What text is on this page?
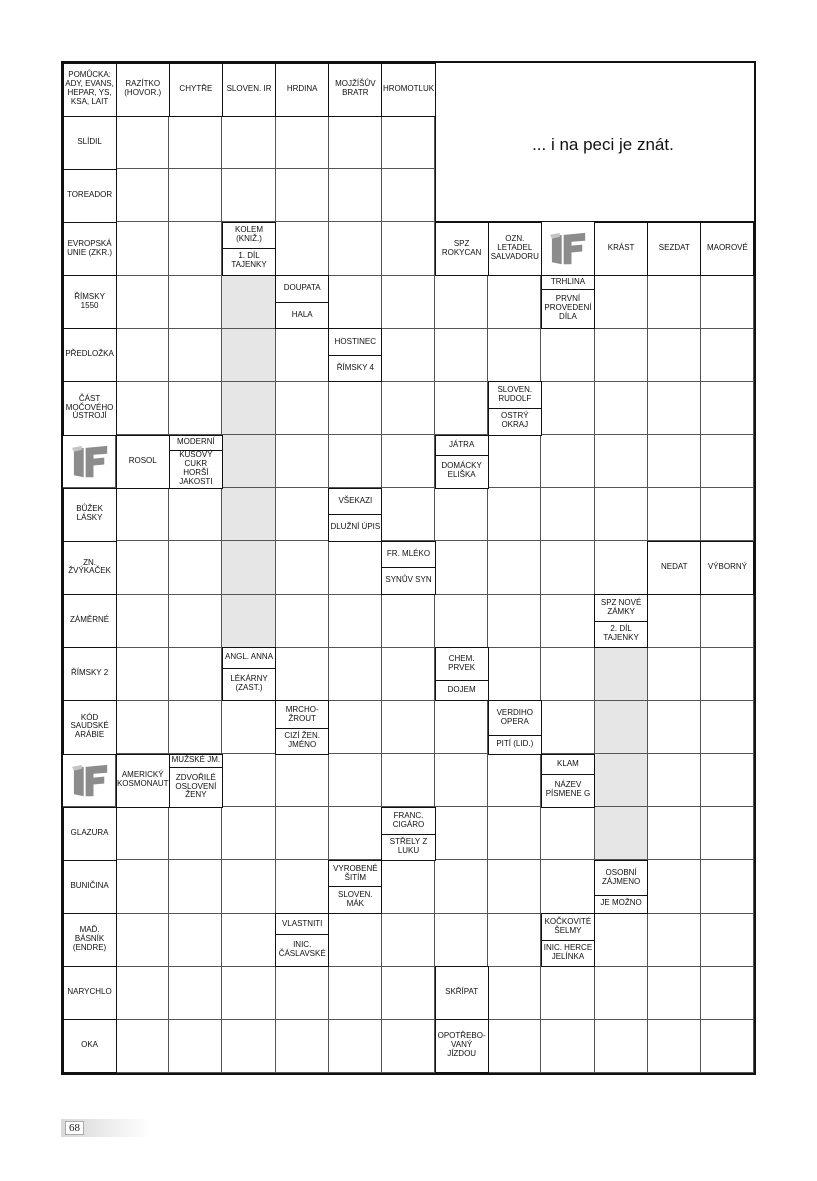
POMŮCKA: ADY, EVANS, HEPAR, YS, KSA, LAIT
RAZÍTKO (HOVOR.)	CHYTŘE	SLOVEN. IR	HRDINA	MOJŽÍŠŮV BRATR	HROMOTLUK
SLÍDIL
TOREADOR
EVROPSKÁ UNIE (ZKR.)
KOLEM (KNIŽ.)
1. DÍL TAJENKY
SPZ ROKYCAN
OZN. LETADEL SALVADORU
KRÁST	SEZDAT	MAOROVÉ
ŘÍMSKY 1550
DOUPATA
HALA
TRHLINA
PRVNÍ PROVEDENÍ DÍLA
PŘEDLOŽKA
HOSTINEC
ŘÍMSKY 4
ČÁST MOČOVÉHO ÚSTROJÍ
SLOVEN. RUDOLF
OSTRÝ OKRAJ
ROSOL
MODERNÍ
KUSOVÝ CUKR HORŠÍ JAKOSTI
JÁTRA
DOMÁCKY ELIŠKA
BŮŽEK LÁSKY
VŠEKAZI
DLUŽNÍ ÚPIS
ZN. ŽVÝKAČEK
FR. MLÉKO
SYNŮV SYN
NEDAT	VÝBORNÝ
ZÁMĚRNÉ
SPZ NOVÉ ZÁMKY
2. DÍL TAJENKY
ŘÍMSKY 2
ANGL. ANNA
LÉKÁRNY (ZAST.)
CHEM. PRVEK
DOJEM
KÓD SAUDSKÉ ARÁBIE
MRCHO-ŽROUT
CIZÍ ŽEN. JMÉNO
VERDIHO OPERA
PITÍ (LID.)
AMERICKÝ KOSMONAUT
MUŽSKÉ JM.
ZDVOŘILÉ OSLOVENÍ ŽENY
KLAM
NÁZEV PÍSMENE G
GLAZURA
FRANC. CIGÁRO
STŘELY Z LUKU
BUNIČINA
VYROBENÉ ŠITÍM
SLOVEN. MÁK
OSOBNÍ ZÁJMENO
JE MOŽNO
MAĎ. BÁSNÍK (ENDRE)
VLASTNITI
INIC. ČÁSLAVSKÉ
KOČKOVITÉ ŠELMY
INIC. HERCE JELÍNKA
NARYCHLO	SKŘÍPAT
OKA
OPOTŘEBO-VANÝ JÍZDOU
... i na peci je znát.
68
